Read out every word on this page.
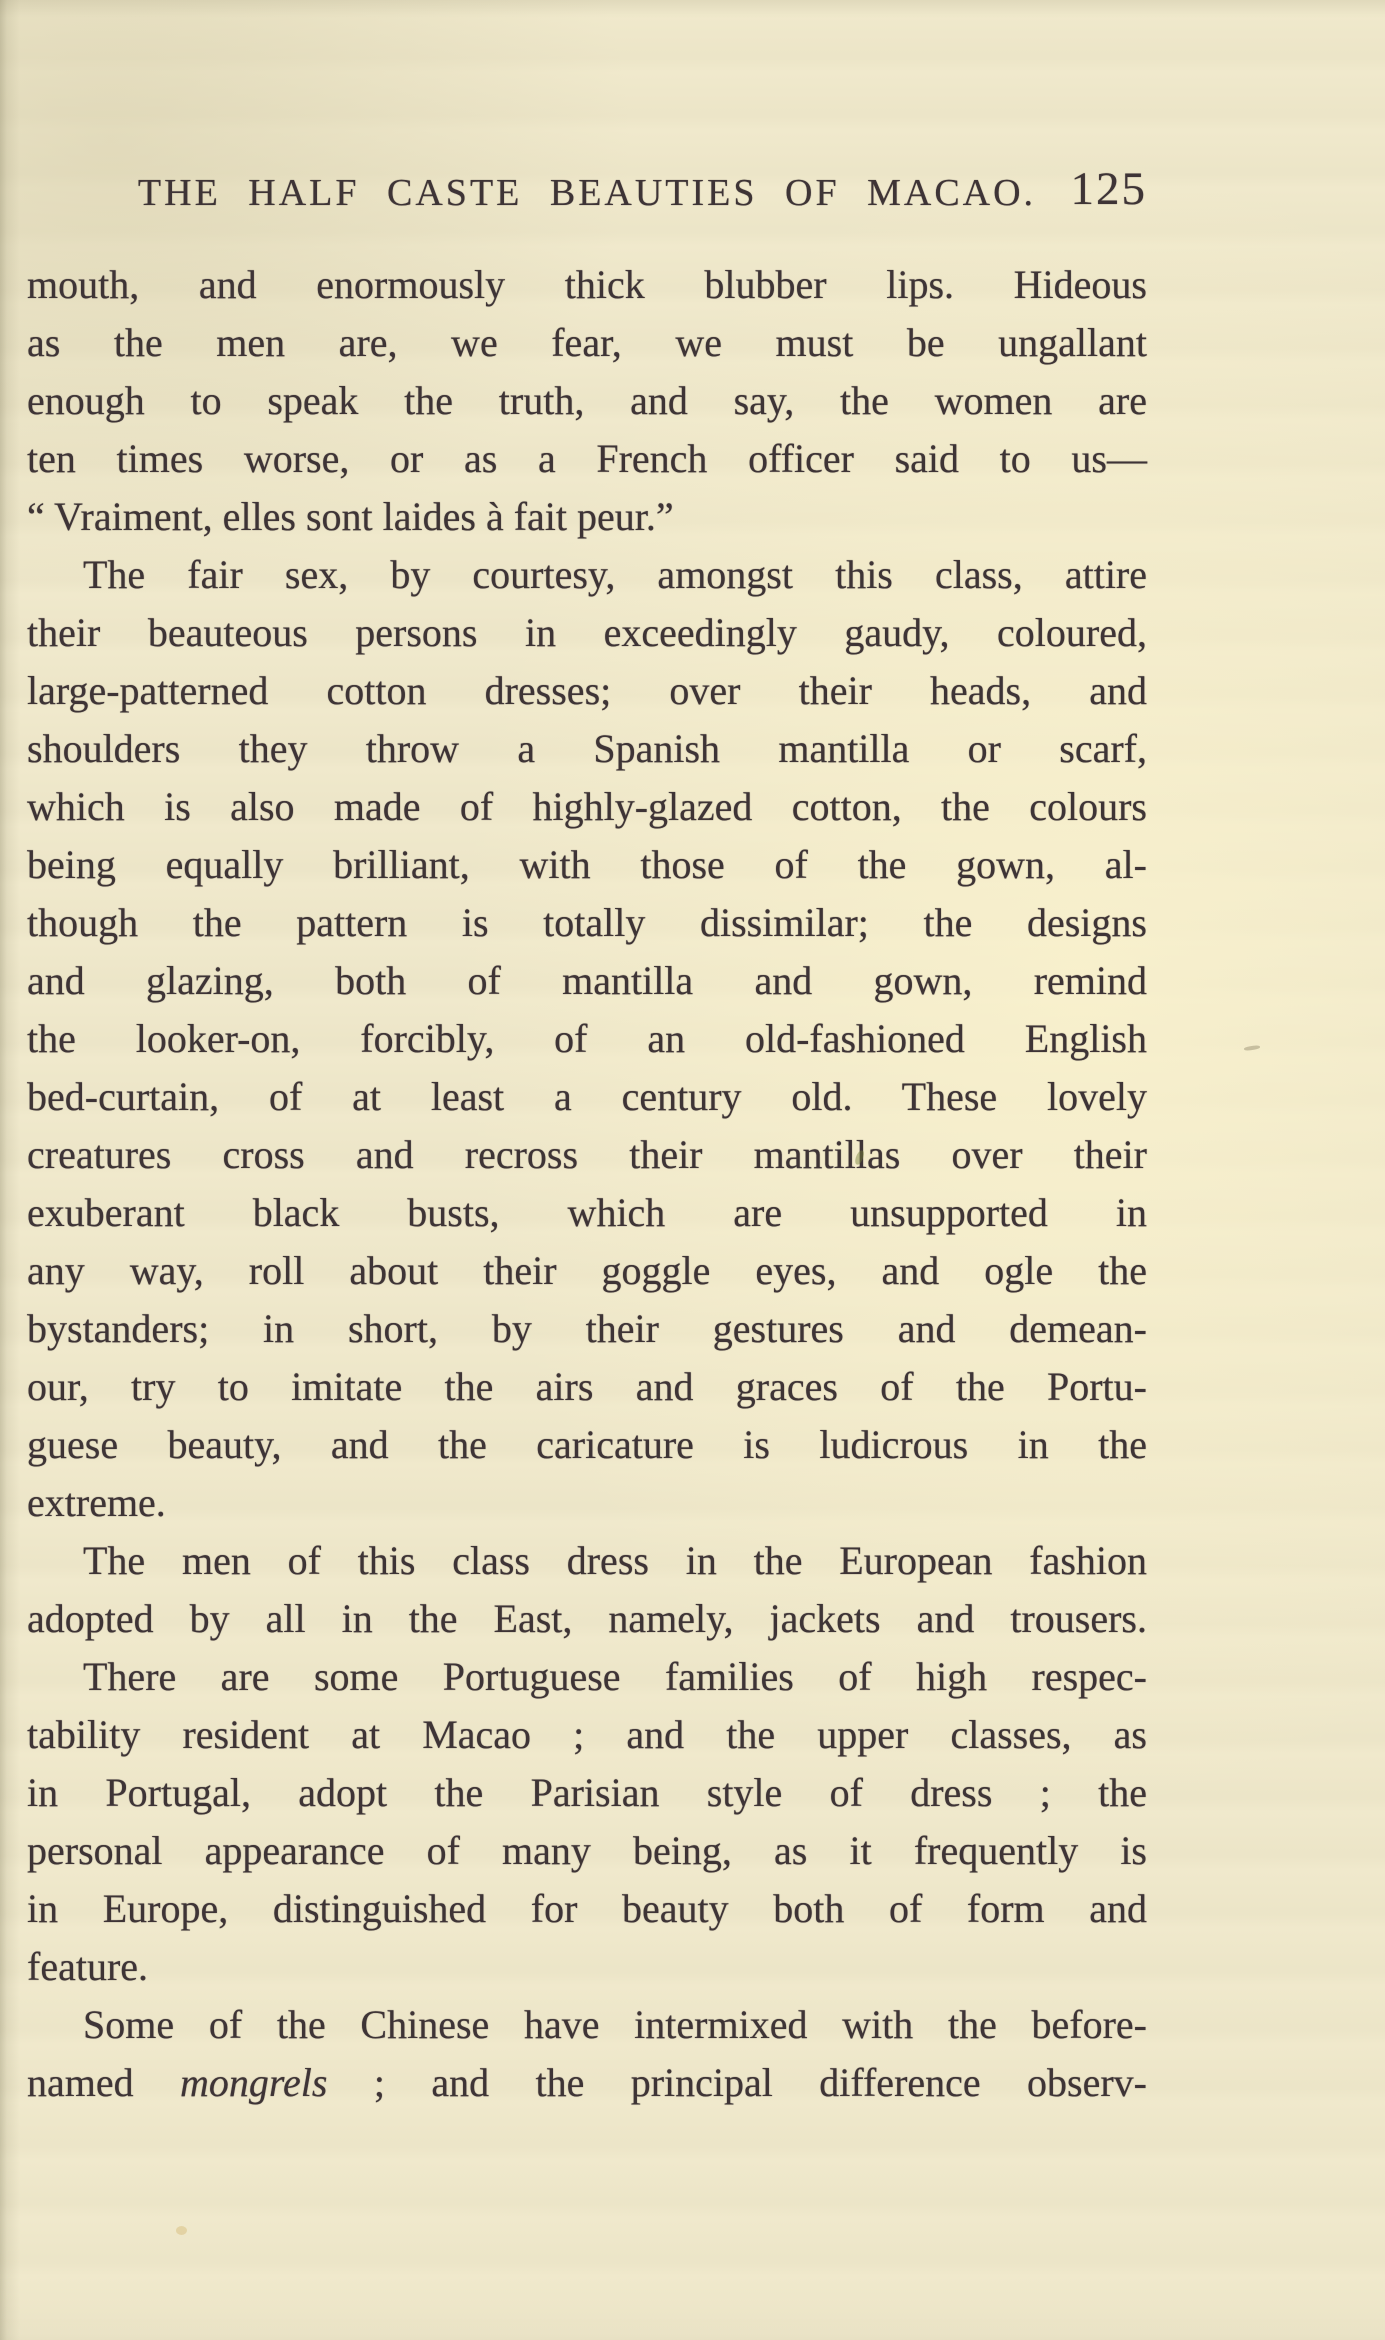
THE HALF CASTE BEAUTIES OF MACAO. 125
mouth, and enormously thick blubber lips. Hideous
as the men are, we fear, we must be ungallant
enough to speak the truth, and say, the women are
ten times worse, or as a French officer said to us—
“ Vraiment, elles sont laides à fait peur.”
The fair sex, by courtesy, amongst this class, attire
their beauteous persons in exceedingly gaudy, coloured,
large-patterned cotton dresses; over their heads, and
shoulders they throw a Spanish mantilla or scarf,
which is also made of highly-glazed cotton, the colours
being equally brilliant, with those of the gown, al-
though the pattern is totally dissimilar; the designs
and glazing, both of mantilla and gown, remind
the looker-on, forcibly, of an old-fashioned English
bed-curtain, of at least a century old. These lovely
creatures cross and recross their mantillas over their
exuberant black busts, which are unsupported in
any way, roll about their goggle eyes, and ogle the
bystanders; in short, by their gestures and demean-
our, try to imitate the airs and graces of the Portu-
guese beauty, and the caricature is ludicrous in the
extreme.
The men of this class dress in the European fashion
adopted by all in the East, namely, jackets and trousers.
There are some Portuguese families of high respec-
tability resident at Macao ; and the upper classes, as
in Portugal, adopt the Parisian style of dress ; the
personal appearance of many being, as it frequently is
in Europe, distinguished for beauty both of form and
feature.
Some of the Chinese have intermixed with the before-
named mongrels ; and the principal difference observ-
